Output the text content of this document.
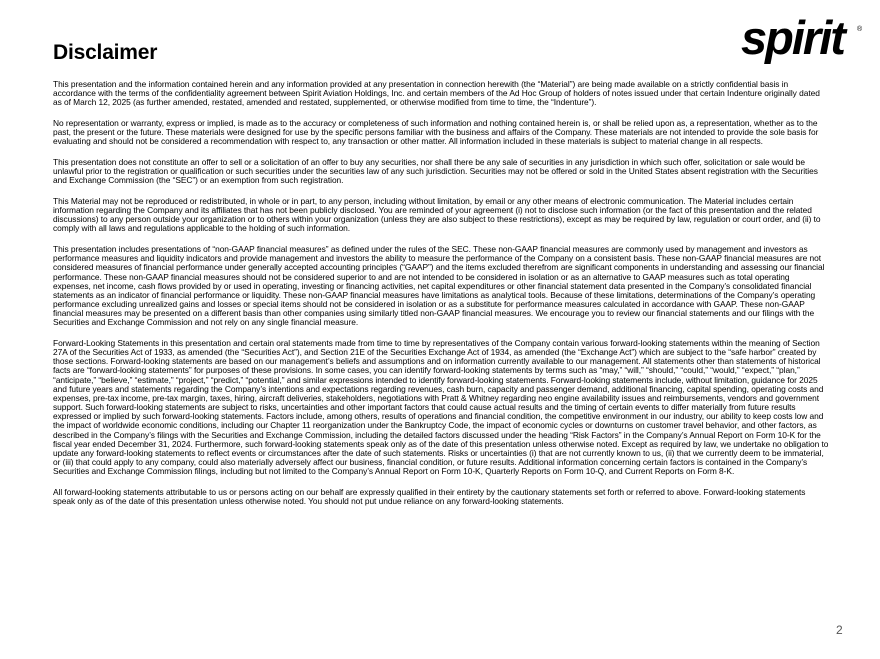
Disclaimer	spirit	®

This presentation and the information contained herein and any information provided at any presentation in connection herewith (the “Material”) are being made available on a strictly confidential basis in accordance with the terms of the confidentiality agreement between Spirit Aviation Holdings, Inc. and certain members of the Ad Hoc Group of holders of notes issued under that certain Indenture originally dated as of March 12, 2025 (as further amended, restated, amended and restated, supplemented, or otherwise modified from time to time, the “Indenture”).

No representation or warranty, express or implied, is made as to the accuracy or completeness of such information and nothing contained herein is, or shall be relied upon as, a representation, whether as to the past, the present or the future. These materials were designed for use by the specific persons familiar with the business and affairs of the Company. These materials are not intended to provide the sole basis for evaluating and should not be considered a recommendation with respect to, any transaction or other matter. All information included in these materials is subject to material change in all respects.

This presentation does not constitute an offer to sell or a solicitation of an offer to buy any securities, nor shall there be any sale of securities in any jurisdiction in which such offer, solicitation or sale would be unlawful prior to the registration or qualification or such securities under the securities law of any such jurisdiction. Securities may not be offered or sold in the United States absent registration with the Securities and Exchange Commission (the “SEC”) or an exemption from such registration.

This Material may not be reproduced or redistributed, in whole or in part, to any person, including without limitation, by email or any other means of electronic communication. The Material includes certain information regarding the Company and its affiliates that has not been publicly disclosed. You are reminded of your agreement (i) not to disclose such information (or the fact of this presentation and the related discussions) to any person outside your organization or to others within your organization (unless they are also subject to these restrictions), except as may be required by law, regulation or court order, and (ii) to comply with all laws and regulations applicable to the holding of such information.

This presentation includes presentations of “non-GAAP financial measures” as defined under the rules of the SEC. These non-GAAP financial measures are commonly used by management and investors as performance measures and liquidity indicators and provide management and investors the ability to measure the performance of the Company on a consistent basis. These non-GAAP financial measures are not considered measures of financial performance under generally accepted accounting principles (“GAAP”) and the items excluded therefrom are significant components in understanding and assessing our financial performance. These non-GAAP financial measures should not be considered superior to and are not intended to be considered in isolation or as an alternative to GAAP measures such as total operating expenses, net income, cash flows provided by or used in operating, investing or financing activities, net capital expenditures or other financial statement data presented in the Company’s consolidated financial statements as an indicator of financial performance or liquidity. These non-GAAP financial measures have limitations as analytical tools. Because of these limitations, determinations of the Company’s operating performance excluding unrealized gains and losses or special items should not be considered in isolation or as a substitute for performance measures calculated in accordance with GAAP. These non-GAAP financial measures may be presented on a different basis than other companies using similarly titled non-GAAP financial measures. We encourage you to review our financial statements and our filings with the Securities and Exchange Commission and not rely on any single financial measure.

Forward-Looking Statements in this presentation and certain oral statements made from time to time by representatives of the Company contain various forward-looking statements within the meaning of Section 27A of the Securities Act of 1933, as amended (the “Securities Act”), and Section 21E of the Securities Exchange Act of 1934, as amended (the “Exchange Act”) which are subject to the “safe harbor” created by those sections. Forward-looking statements are based on our management’s beliefs and assumptions and on information currently available to our management. All statements other than statements of historical facts are “forward-looking statements” for purposes of these provisions. In some cases, you can identify forward-looking statements by terms such as “may,” “will,” “should,” “could,” “would,” “expect,” “plan,” “anticipate,” “believe,” “estimate,” “project,” “predict,” “potential,” and similar expressions intended to identify forward-looking statements. Forward-looking statements include, without limitation, guidance for 2025 and future years and statements regarding the Company’s intentions and expectations regarding revenues, cash burn, capacity and passenger demand, additional financing, capital spending, operating costs and expenses, pre-tax income, pre-tax margin, taxes, hiring, aircraft deliveries, stakeholders, negotiations with Pratt & Whitney regarding neo engine availability issues and reimbursements, vendors and government support. Such forward-looking statements are subject to risks, uncertainties and other important factors that could cause actual results and the timing of certain events to differ materially from future results expressed or implied by such forward-looking statements. Factors include, among others, results of operations and financial condition, the competitive environment in our industry, our ability to keep costs low and the impact of worldwide economic conditions, including our Chapter 11 reorganization under the Bankruptcy Code, the impact of economic cycles or downturns on customer travel behavior, and other factors, as described in the Company’s filings with the Securities and Exchange Commission, including the detailed factors discussed under the heading “Risk Factors” in the Company’s Annual Report on Form 10-K for the fiscal year ended December 31, 2024. Furthermore, such forward-looking statements speak only as of the date of this presentation unless otherwise noted. Except as required by law, we undertake no obligation to update any forward-looking statements to reflect events or circumstances after the date of such statements. Risks or uncertainties (i) that are not currently known to us, (ii) that we currently deem to be immaterial, or (iii) that could apply to any company, could also materially adversely affect our business, financial condition, or future results. Additional information concerning certain factors is contained in the Company’s Securities and Exchange Commission filings, including but not limited to the Company’s Annual Report on Form 10-K, Quarterly Reports on Form 10-Q, and Current Reports on Form 8-K.

All forward-looking statements attributable to us or persons acting on our behalf are expressly qualified in their entirety by the cautionary statements set forth or referred to above. Forward-looking statements speak only as of the date of this presentation unless otherwise noted. You should not put undue reliance on any forward-looking statements.

2
